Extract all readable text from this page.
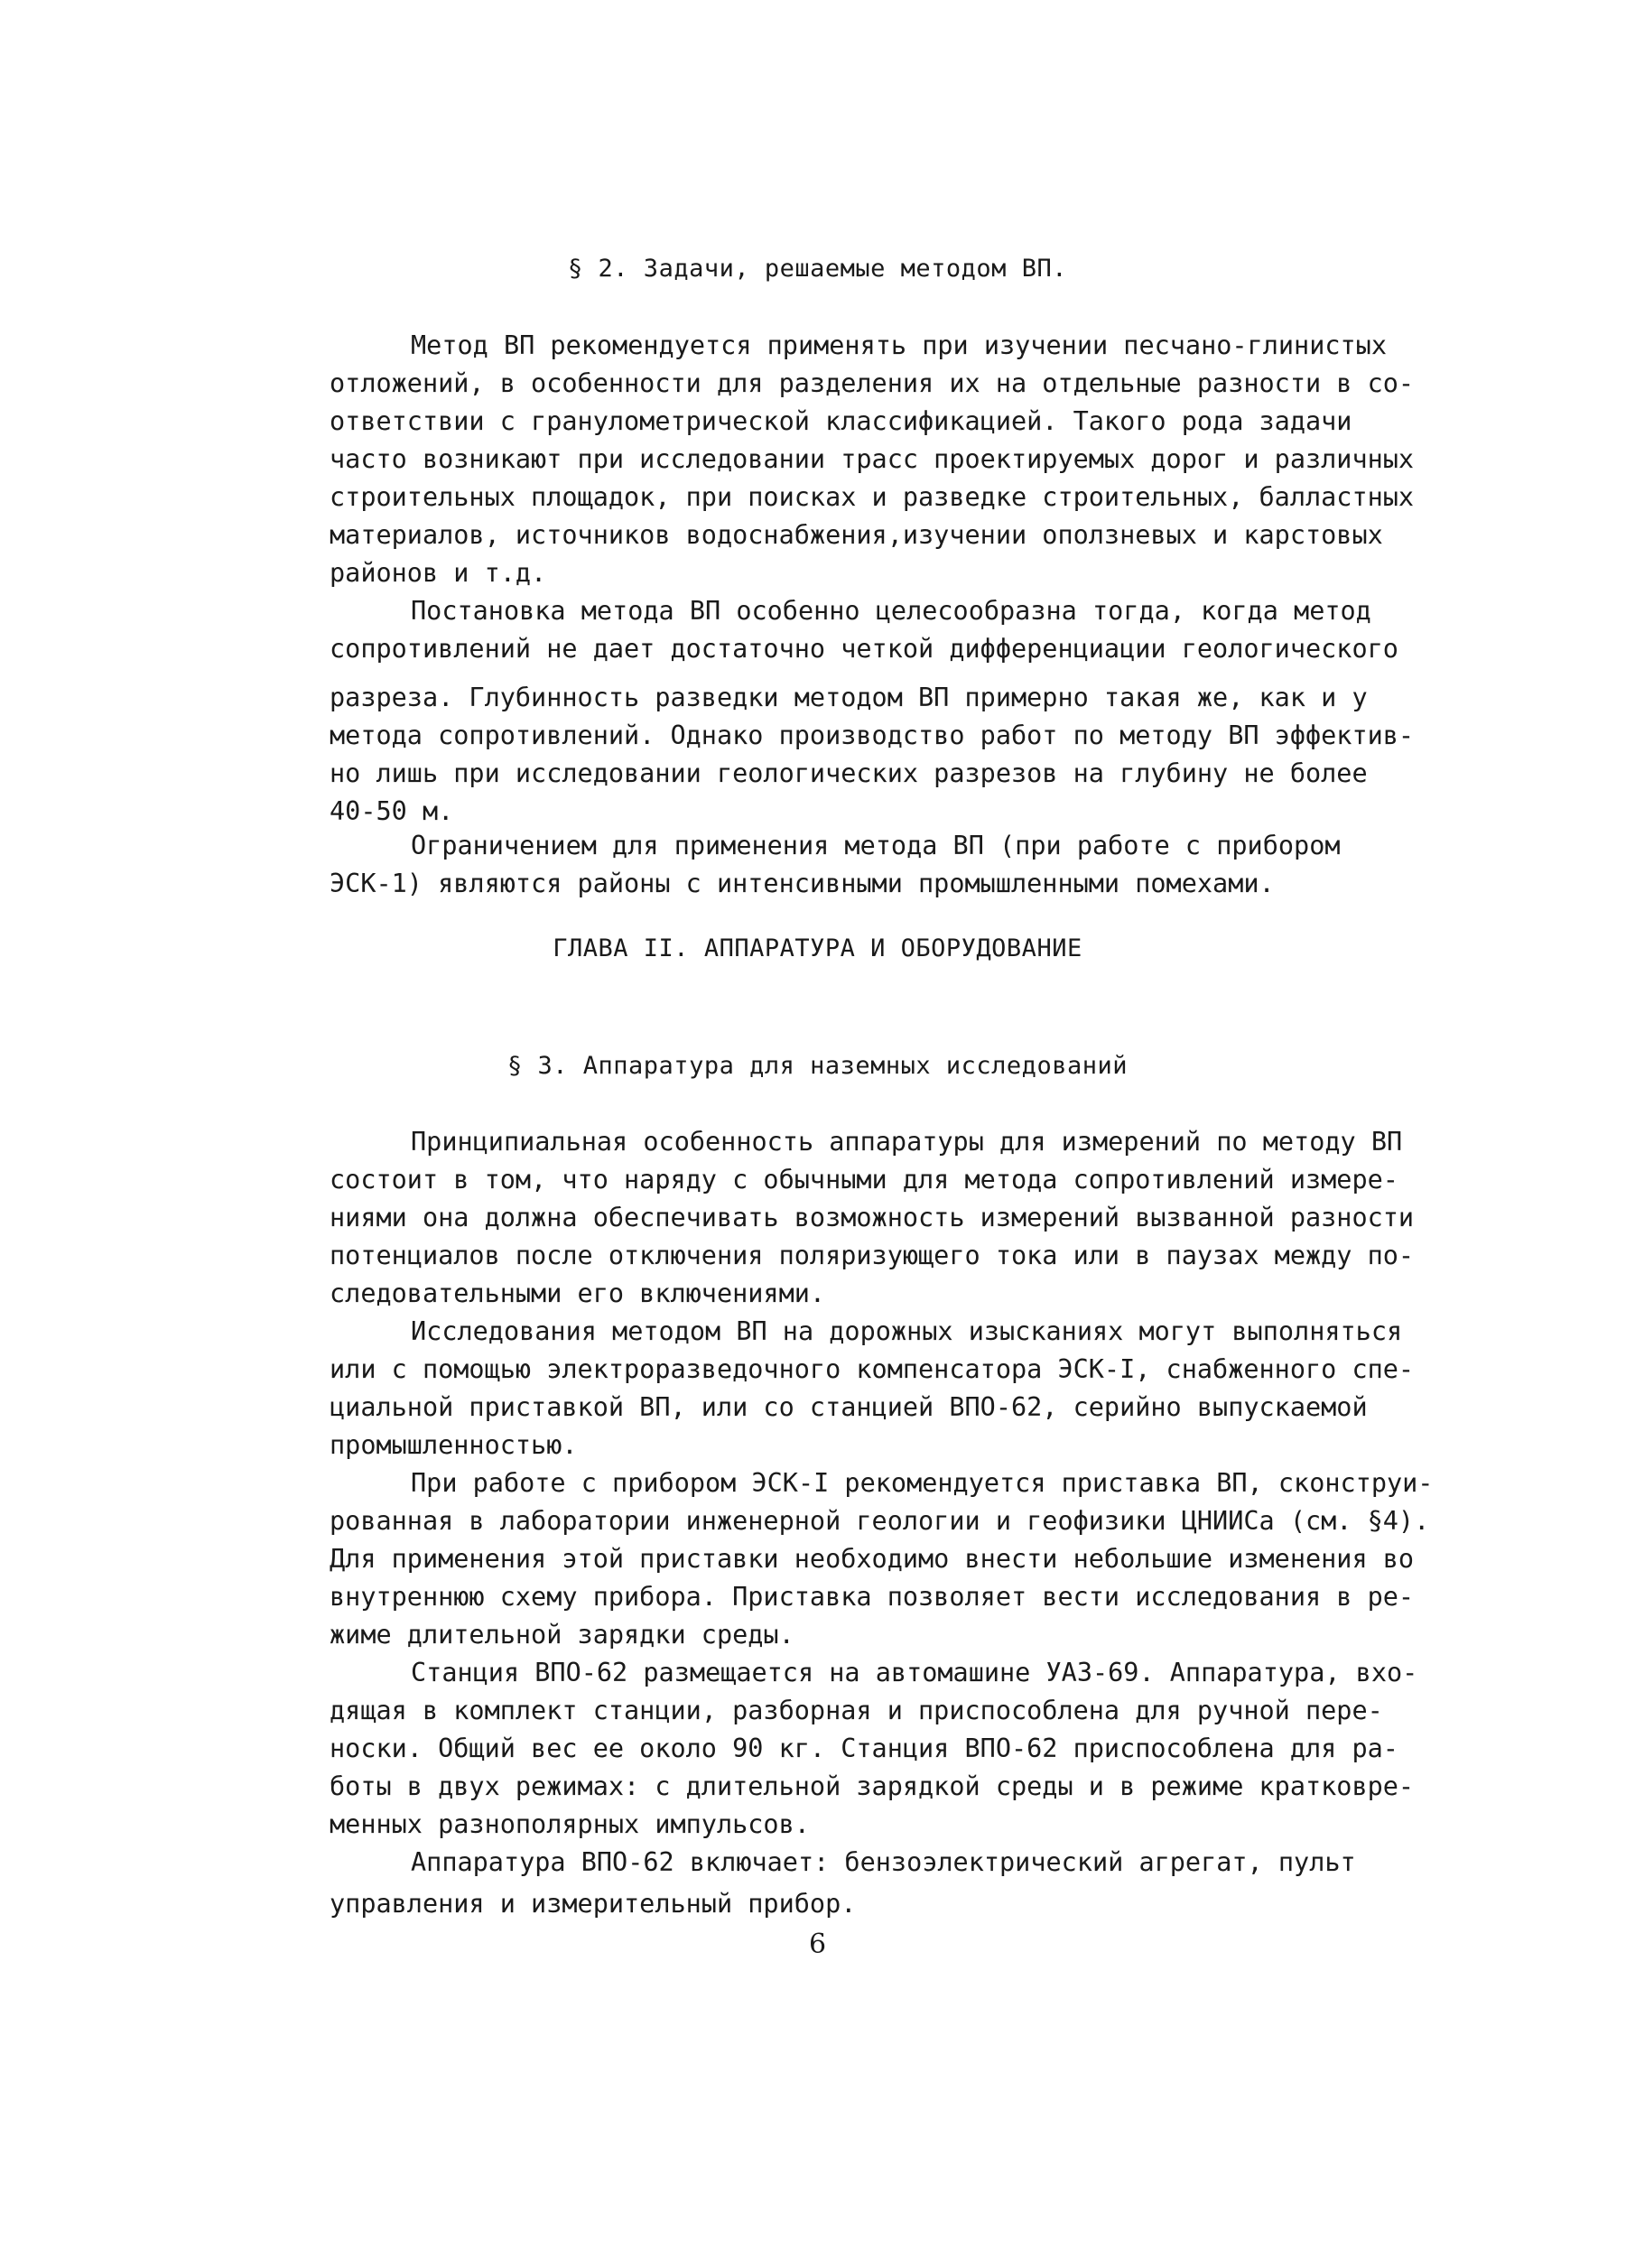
§ 2. Задачи, решаемые методом ВП.
Метод ВП рекомендуется применять при изучении песчано-глинистых
отложений, в особенности для разделения их на отдельные разности в со-
ответствии с гранулометрической классификацией. Такого рода задачи
часто возникают при исследовании трасс проектируемых дорог и различных
строительных площадок, при поисках и разведке строительных, балластных
материалов, источников водоснабжения,изучении оползневых и карстовых
районов и т.д.
Постановка метода ВП особенно целесообразна тогда, когда метод
сопротивлений не дает достаточно четкой дифференциации геологического
разреза. Глубинность разведки методом ВП примерно такая же, как и у
метода сопротивлений. Однако производство работ по методу ВП эффектив-
но лишь при исследовании геологических разрезов на глубину не более
40-50 м.
Ограничением для применения метода ВП (при работе с прибором
ЭСК-1) являются районы с интенсивными промышленными помехами.
ГЛАВА II. АППАРАТУРА И ОБОРУДОВАНИЕ
§ 3. Аппаратура для наземных исследований
Принципиальная особенность аппаратуры для измерений по методу ВП
состоит в том, что наряду с обычными для метода сопротивлений измере-
ниями она должна обеспечивать возможность измерений вызванной разности
потенциалов после отключения поляризующего тока или в паузах между по-
следовательными его включениями.
Исследования методом ВП на дорожных изысканиях могут выполняться
или с помощью электроразведочного компенсатора ЭСК-I, снабженного спе-
циальной приставкой ВП, или со станцией ВПО-62, серийно выпускаемой
промышленностью.
При работе с прибором ЭСК-I рекомендуется приставка ВП, сконструи-
рованная в лаборатории инженерной геологии и геофизики ЦНИИСа (см. §4).
Для применения этой приставки необходимо внести небольшие изменения во
внутреннюю схему прибора. Приставка позволяет вести исследования в ре-
жиме длительной зарядки среды.
Станция ВПО-62 размещается на автомашине УАЗ-69. Аппаратура, вхо-
дящая в комплект станции, разборная и приспособлена для ручной пере-
носки. Общий вес ее около 90 кг. Станция ВПО-62 приспособлена для ра-
боты в двух режимах: с длительной зарядкой среды и в режиме кратковре-
менных разнополярных импульсов.
Аппаратура ВПО-62 включает: бензоэлектрический агрегат, пульт
управления и измерительный прибор.
6
